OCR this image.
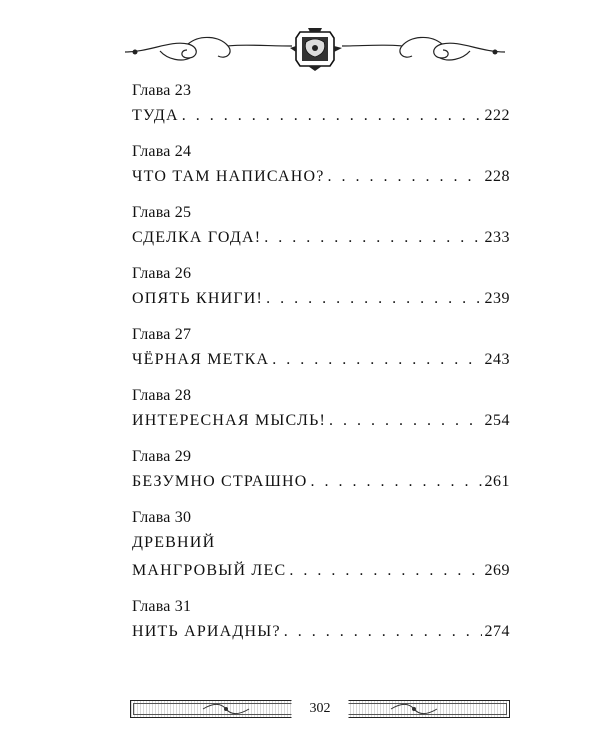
Глава 23
ТУДА . . .	222
Глава 24
ЧТО ТАМ НАПИСАНО? . . .	228
Глава 25
СДЕЛКА ГОДА! . . .	233
Глава 26
ОПЯТЬ КНИГИ! . . .	239
Глава 27
ЧЁРНАЯ МЕТКА . . .	243
Глава 28
ИНТЕРЕСНАЯ МЫСЛЬ! . . .	254
Глава 29
БЕЗУМНО СТРАШНО . . .	261
Глава 30
ДРЕВНИЙ
МАНГРОВЫЙ ЛЕС . . .	269
Глава 31
НИТЬ АРИАДНЫ? . . .	274
302
